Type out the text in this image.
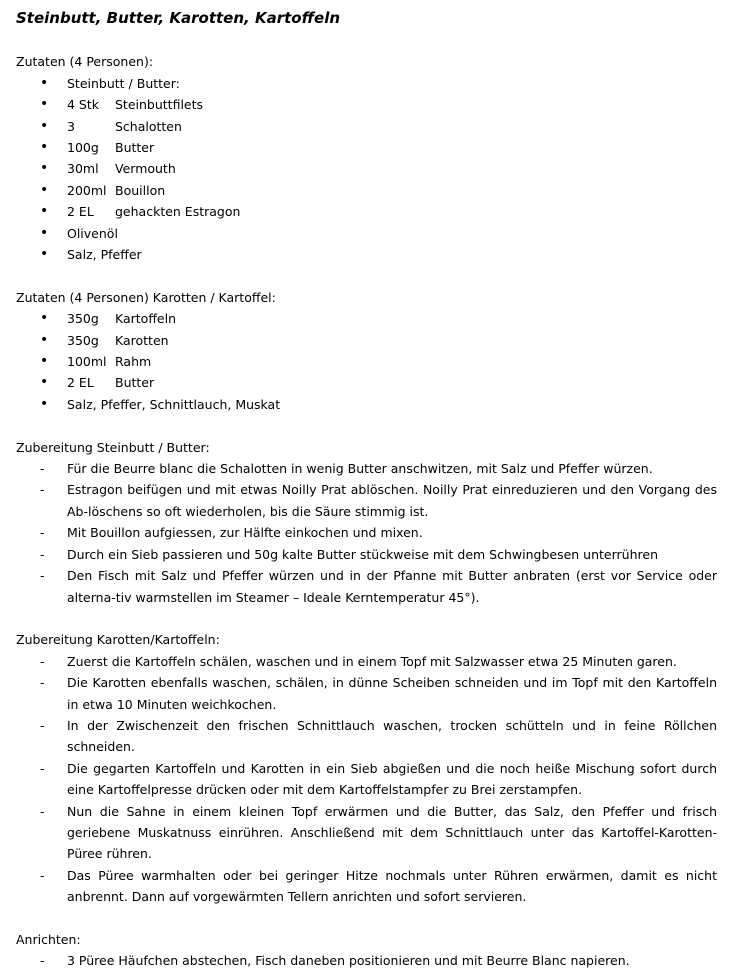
Steinbutt, Butter, Karotten, Kartoffeln

Zutaten (4 Personen):

• Steinbutt / Butter:
• 4 Stk	Steinbuttfilets
• 3	Schalotten
• 100g	Butter
• 30ml	Vermouth
• 200ml Bouillon
• 2 EL	gehackten Estragon
• Olivenöl
• Salz, Pfeffer

Zutaten (4 Personen) Karotten / Kartoffel:

• 350g	Kartoffeln
• 350g	Karotten
• 100ml Rahm
• 2 EL	Butter
• Salz, Pfeffer, Schnittlauch, Muskat

Zubereitung Steinbutt / Butter:

- Für die Beurre blanc die Schalotten in wenig Butter anschwitzen, mit Salz und Pfeffer würzen.
- Estragon beifügen und mit etwas Noilly Prat ablöschen. Noilly Prat einreduzieren und den Vorgang des Ab-löschens so oft wiederholen, bis die Säure stimmig ist.
- Mit Bouillon aufgiessen, zur Hälfte einkochen und mixen.
- Durch ein Sieb passieren und 50g kalte Butter stückweise mit dem Schwingbesen unterrühren
- Den Fisch mit Salz und Pfeffer würzen und in der Pfanne mit Butter anbraten (erst vor Service oder alterna-tiv warmstellen im Steamer – Ideale Kerntemperatur 45°).

Zubereitung Karotten/Kartoffeln:

- Zuerst die Kartoffeln schälen, waschen und in einem Topf mit Salzwasser etwa 25 Minuten garen.
- Die Karotten ebenfalls waschen, schälen, in dünne Scheiben schneiden und im Topf mit den Kartoffeln in etwa 10 Minuten weichkochen.
- In der Zwischenzeit den frischen Schnittlauch waschen, trocken schütteln und in feine Röllchen schneiden.
- Die gegarten Kartoffeln und Karotten in ein Sieb abgießen und die noch heiße Mischung sofort durch eine Kartoffelpresse drücken oder mit dem Kartoffelstampfer zu Brei zerstampfen.
- Nun die Sahne in einem kleinen Topf erwärmen und die Butter, das Salz, den Pfeffer und frisch geriebene Muskatnuss einrühren. Anschließend mit dem Schnittlauch unter das Kartoffel-Karotten-Püree rühren.
- Das Püree warmhalten oder bei geringer Hitze nochmals unter Rühren erwärmen, damit es nicht anbrennt. Dann auf vorgewärmten Tellern anrichten und sofort servieren.

Anrichten:

- 3 Püree Häufchen abstechen, Fisch daneben positionieren und mit Beurre Blanc napieren.
